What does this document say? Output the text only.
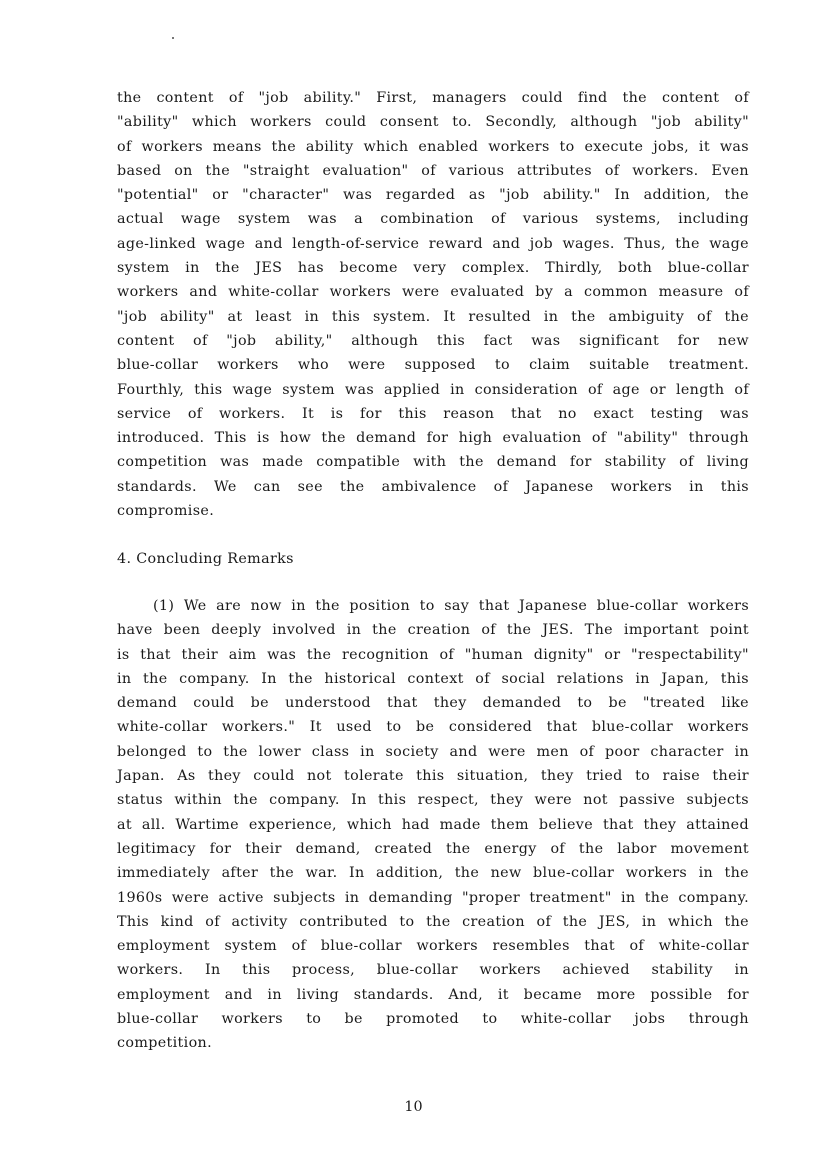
the content of "job ability." First, managers could find the content of
"ability" which workers could consent to. Secondly, although "job ability"
of workers means the ability which enabled workers to execute jobs, it was
based on the "straight evaluation" of various attributes of workers. Even
"potential" or "character" was regarded as "job ability." In addition, the
actual wage system was a combination of various systems, including
age-linked wage and length-of-service reward and job wages. Thus, the wage
system in the JES has become very complex. Thirdly, both blue-collar
workers and white-collar workers were evaluated by a common measure of
"job ability" at least in this system. It resulted in the ambiguity of the
content of "job ability," although this fact was significant for new
blue-collar workers who were supposed to claim suitable treatment.
Fourthly, this wage system was applied in consideration of age or length of
service of workers. It is for this reason that no exact testing was
introduced. This is how the demand for high evaluation of "ability" through
competition was made compatible with the demand for stability of living
standards. We can see the ambivalence of Japanese workers in this
compromise.
4. Concluding Remarks
(1) We are now in the position to say that Japanese blue-collar workers
have been deeply involved in the creation of the JES. The important point
is that their aim was the recognition of "human dignity" or "respectability"
in the company. In the historical context of social relations in Japan, this
demand could be understood that they demanded to be "treated like
white-collar workers." It used to be considered that blue-collar workers
belonged to the lower class in society and were men of poor character in
Japan. As they could not tolerate this situation, they tried to raise their
status within the company. In this respect, they were not passive subjects
at all. Wartime experience, which had made them believe that they attained
legitimacy for their demand, created the energy of the labor movement
immediately after the war. In addition, the new blue-collar workers in the
1960s were active subjects in demanding "proper treatment" in the company.
This kind of activity contributed to the creation of the JES, in which the
employment system of blue-collar workers resembles that of white-collar
workers. In this process, blue-collar workers achieved stability in
employment and in living standards. And, it became more possible for
blue-collar workers to be promoted to white-collar jobs through
competition.
10
